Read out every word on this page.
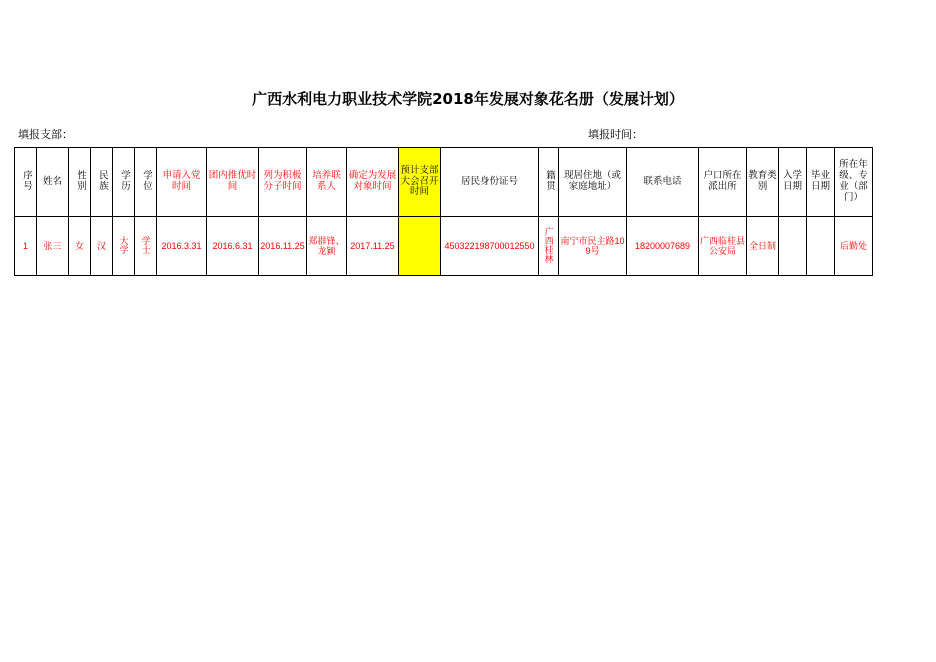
广西水利电力职业技术学院2018年发展对象花名册（发展计划）
填报支部：	填报时间：
序号	姓名	性别	民族	学历	学位	申请入党时间	团内推优时间	列为积极分子时间	培养联系人	确定为发展对象时间	预计支部大会召开时间	居民身份证号	籍贯	现居住地（或家庭地址）	联系电话	户口所在派出所	教育类别	入学日期	毕业日期	所在年级、专业（部门）
1	张三	女	汉	大学	学士	2016.3.31	2016.6.31	2016.11.25	郑群锋、龙颖	2017.11.25		450322198700012550	广西桂林	南宁市民主路109号	18200007689	广西临桂县公安局	全日制			后勤处
